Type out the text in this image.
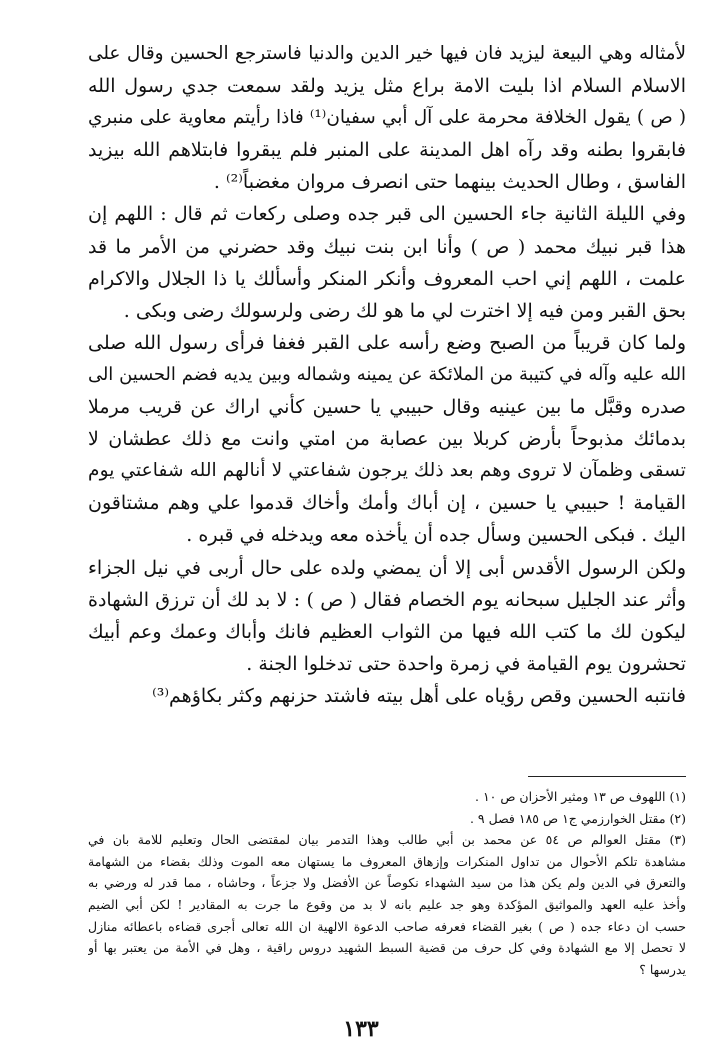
لأمثاله وهي البيعة ليزيد فان فيها خير الدين والدنيا فاسترجع الحسين وقال على
الاسلام السلام اذا بليت الامة براع مثل يزيد ولقد سمعت جدي رسول الله
( ص ) يقول الخلافة محرمة على آل أبي سفيان⁽¹⁾ فاذا رأيتم معاوية على منبري
فابقروا بطنه وقد رآه اهل المدينة على المنبر فلم يبقروا فابتلاهم الله بيزيد
الفاسق ، وطال الحديث بينهما حتى انصرف مروان مغضباً⁽²⁾ .
وفي الليلة الثانية جاء الحسين الى قبر جده وصلى ركعات ثم قال : اللهم إن
هذا قبر نبيك محمد ( ص ) وأنا ابن بنت نبيك وقد حضرني من الأمر ما قد
علمت ، اللهم إني احب المعروف وأنكر المنكر وأسألك يا ذا الجلال والاكرام
بحق القبر ومن فيه إلا اخترت لي ما هو لك رضى ولرسولك رضى وبكى .
ولما كان قريباً من الصبح وضع رأسه على القبر فغفا فرأى رسول الله صلى
الله عليه وآله في كتيبة من الملائكة عن يمينه وشماله وبين يديه فضم الحسين الى
صدره وقبَّل ما بين عينيه وقال حبيبي يا حسين كأني اراك عن قريب مرملا
بدمائك مذبوحاً بأرض كربلا بين عصابة من امتي وانت مع ذلك عطشان لا
تسقى وظمآن لا تروى وهم بعد ذلك يرجون شفاعتي لا أنالهم الله شفاعتي يوم
القيامة ! حبيبي يا حسين ، إن أباك وأمك وأخاك قدموا علي وهم مشتاقون
اليك . فبكى الحسين وسأل جده أن يأخذه معه ويدخله في قبره .
ولكن الرسول الأقدس أبى إلا أن يمضي ولده على حال أربى في نيل الجزاء
وأثر عند الجليل سبحانه يوم الخصام فقال ( ص ) : لا بد لك أن ترزق الشهادة
ليكون لك ما كتب الله فيها من الثواب العظيم فانك وأباك وعمك وعم أبيك
تحشرون يوم القيامة في زمرة واحدة حتى تدخلوا الجنة .
فانتبه الحسين وقص رؤياه على أهل بيته فاشتد حزنهم وكثر بكاؤهم⁽³⁾
(١) اللهوف ص ١٣ ومثير الأحزان ص ١٠ .
(٢) مقتل الخوارزمي ج١ ص ١٨٥ فصل ٩ .
(٣) مقتل العوالم ص ٥٤ عن محمد بن أبي طالب وهذا التدمر بيان لمقتضى الحال وتعليم للامة بان في
مشاهدة تلكم الأحوال من تداول المنكرات وإزهاق المعروف ما يستهان معه الموت وذلك بقضاء من الشهامة
والتعرق في الدين ولم يكن هذا من سيد الشهداء نكوصاً عن الأفضل ولا جزعاً ، وحاشاه ، مما قدر له ورضي به
وأخذ عليه العهد والمواثيق المؤكدة وهو جد عليم بانه لا بد من وقوع ما جرت به المقادير ! لكن أبي الضيم
حسب ان دعاء جده ( ص ) بغير القضاء فعرفه صاحب الدعوة الالهية ان الله تعالى أجرى قضاءه باعطائه منازل
لا تحصل إلا مع الشهادة وفي كل حرف من قضية السبط الشهيد دروس راقية ، وهل في الأمة من يعتبر بها أو
يدرسها ؟
١٣٣
